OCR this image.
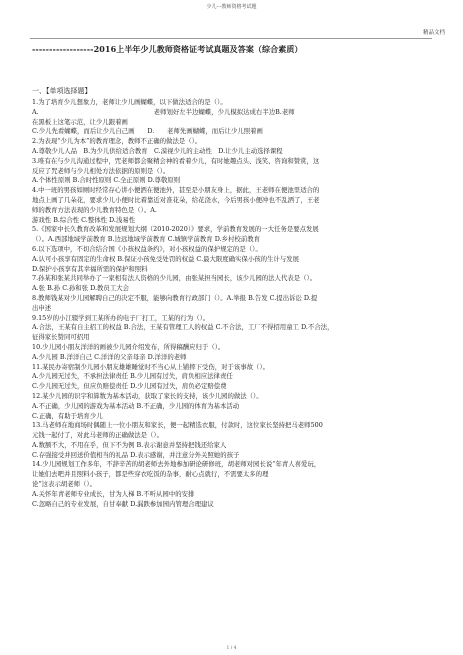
少儿---教师资格考试题
精品文档
------------------2016上半年少儿教师资格证考试真题及答案（综合素质）
一、【单项选择题】
1.为了培育少儿想象力，老师让少儿画蝴蝶，以下做法适合的是（）。
A.　　　　　　　　　　　　　　　　　　老师划好左半边蝴蝶，少儿模拟达成右半边B.老师
在黑板上这笔示范，让少儿跟着画
C.少儿先看蝴蝶，而后让少儿自己画　　D.　　老师先画蝴蝶，而后让少儿照着画
2.为表现“少儿为本”的教育理念，教师不正确的做法是（）。
A.尊敬少儿人品　B.为少儿供给适合教育　C.漠视少儿的主动性　D.让少儿主动选择课程
3.唯有在与少儿沟通过程中，咒老师都会聚精会神的看着少儿，有时她趣点头、浅笑、咨询和赞赏，这
反应了咒老师与少儿相处方法依据的原则是（）。
A.个体性原则 B.合时性原则 C.全正原则 D.尊敬原则
4.中一班的男孩如厕时经常存心讲小便洒在便池外，甚至是小朋友身上，据此，王老师在便池里适合的
地点上画了几朵花，要求少儿小便时比着靠近对准花朵，给花浇水，今后男孩小便冲也不乱洒了，王老
师的教育方法表现的少儿教育特色是（）。A.
游戏性 B.综合性 C.整体性 D.浅易性
5.《国家中长久教育改革和发展规划大纲（2010-2020）》要求，学前教育发展的一大任务是要点发展
（）。A.西部地域学前教育 B.边远地域学前教育 C.城镇学前教育 D.乡村校前教育
6.以下选项中，不切合结合国《小孩权益条约》，对小孩权益的保护规定的是（）。
A.认可小孩享有固定的生命权 B.保证小孩免受处罚的权益 C.最大限度确实保小孩的生计与发展
D.保护小孩享有其幸福所需的保护和照料
7.孙某和张某共同举办了一家相有法人资格的少儿园，由张某担当园长，该少儿园的法人代表是（）。
A.张 B.孙 C.孙和张 D.教员工大会
8.教师钱某对少儿园解聘自己的决定不服，能够向教育行政部门（）。A.举报 B.告发 C.提出诉讼 D.提
出申述
9.15岁的小江辍学到工某所办的电子厂打工，工某的行为（）。
A.合法，王某有自主招工的权益 B.合法，王某有管理工人的权益 C.不合法，工厂不得招用童工 D.不合法，
征得家长赞同可招用
10.少儿园小朋友洋洋的画被少儿园介绍发布，所得稿酬应归于（）。
A.少儿园 B.洋洋自己 C.洋洋的父亲母亲 D.洋洋的老师
11.某民办寄宿制少儿园小朋友雄雄睡觉时不当心从上铺摔下受伤，对于该事故（）。
A.少儿园无过失，不承担法律责任 B.少儿园有过失，肩负相应法律责任
C.少儿园无过失，但应负赔偿责任 D.少儿园有过失，肩负必定赔偿费
12.某少儿园的识字和算数为基本活动，获取了家长的支持，该少儿园的做法（）。
A.不正确，少儿园的游戏为基本活动 B.不正确，少儿园的体育为基本活动
C.正确，有助于培育少儿
13.马老师在地商场时偶随上一位小朋友和家长，便一起精选衣服，付款时，这位家长坚持把马老师500
元钱一起付了，对此马老师的正确做法是（）。
A.数额不大，不用在乎，但下不为例 B.表示谢意并坚持把钱还给家人
C.存强接受并回送价值相当的礼品 D.表示感谢，并注意分外关照她的孩子
14.少儿园规划工作多年，不辞辛苦的胡老师去外地参加研论研修班，胡老师对园长说“年青人喜爱玩，
让她们去吧并且照料小孩子，都是些穿衣吃饭的杂事，耐心点就行，不需要太多的理
论”这表示胡老师（）。
A.关怀年青老师专业成长，甘为人梯 B.不听从园中的安排
C.忽略自己的专业发展，自甘奉献 D.漏跌参加园内管理合理建议
1 / 4
